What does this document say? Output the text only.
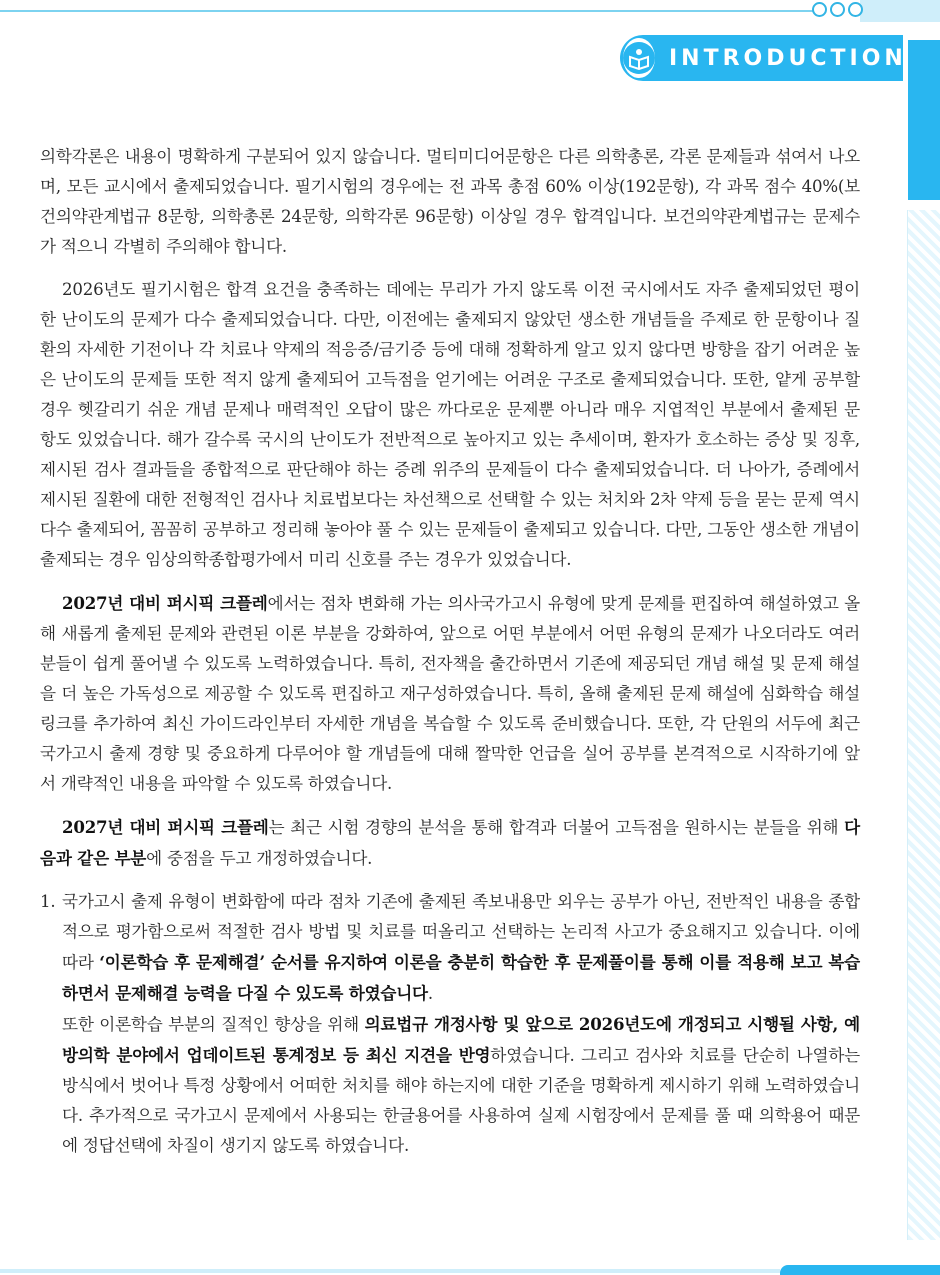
INTRODUCTION

의학각론은 내용이 명확하게 구분되어 있지 않습니다. 멀티미디어문항은 다른 의학총론, 각론 문제들과 섞여서 나오며, 모든 교시에서 출제되었습니다. 필기시험의 경우에는 전 과목 총점 60% 이상(192문항), 각 과목 점수 40%(보건의약관계법규 8문항, 의학총론 24문항, 의학각론 96문항) 이상일 경우 합격입니다. 보건의약관계법규는 문제수가 적으니 각별히 주의해야 합니다.

2026년도 필기시험은 합격 요건을 충족하는 데에는 무리가 가지 않도록 이전 국시에서도 자주 출제되었던 평이한 난이도의 문제가 다수 출제되었습니다. 다만, 이전에는 출제되지 않았던 생소한 개념들을 주제로 한 문항이나 질환의 자세한 기전이나 각 치료나 약제의 적응증/금기증 등에 대해 정확하게 알고 있지 않다면 방향을 잡기 어려운 높은 난이도의 문제들 또한 적지 않게 출제되어 고득점을 얻기에는 어려운 구조로 출제되었습니다. 또한, 얕게 공부할 경우 헷갈리기 쉬운 개념 문제나 매력적인 오답이 많은 까다로운 문제뿐 아니라 매우 지엽적인 부분에서 출제된 문항도 있었습니다. 해가 갈수록 국시의 난이도가 전반적으로 높아지고 있는 추세이며, 환자가 호소하는 증상 및 징후, 제시된 검사 결과들을 종합적으로 판단해야 하는 증례 위주의 문제들이 다수 출제되었습니다. 더 나아가, 증례에서 제시된 질환에 대한 전형적인 검사나 치료법보다는 차선책으로 선택할 수 있는 처치와 2차 약제 등을 묻는 문제 역시 다수 출제되어, 꼼꼼히 공부하고 정리해 놓아야 풀 수 있는 문제들이 출제되고 있습니다. 다만, 그동안 생소한 개념이 출제되는 경우 임상의학종합평가에서 미리 신호를 주는 경우가 있었습니다.

2027년 대비 퍼시픽 크플레에서는 점차 변화해 가는 의사국가고시 유형에 맞게 문제를 편집하여 해설하였고 올해 새롭게 출제된 문제와 관련된 이론 부분을 강화하여, 앞으로 어떤 부분에서 어떤 유형의 문제가 나오더라도 여러분들이 쉽게 풀어낼 수 있도록 노력하였습니다. 특히, 전자책을 출간하면서 기존에 제공되던 개념 해설 및 문제 해설을 더 높은 가독성으로 제공할 수 있도록 편집하고 재구성하였습니다. 특히, 올해 출제된 문제 해설에 심화학습 해설 링크를 추가하여 최신 가이드라인부터 자세한 개념을 복습할 수 있도록 준비했습니다. 또한, 각 단원의 서두에 최근 국가고시 출제 경향 및 중요하게 다루어야 할 개념들에 대해 짤막한 언급을 실어 공부를 본격적으로 시작하기에 앞서 개략적인 내용을 파악할 수 있도록 하였습니다.

2027년 대비 퍼시픽 크플레는 최근 시험 경향의 분석을 통해 합격과 더불어 고득점을 원하시는 분들을 위해 다음과 같은 부분에 중점을 두고 개정하였습니다.

1. 국가고시 출제 유형이 변화함에 따라 점차 기존에 출제된 족보내용만 외우는 공부가 아닌, 전반적인 내용을 종합적으로 평가함으로써 적절한 검사 방법 및 치료를 떠올리고 선택하는 논리적 사고가 중요해지고 있습니다. 이에 따라 ‘이론학습 후 문제해결’ 순서를 유지하여 이론을 충분히 학습한 후 문제풀이를 통해 이를 적용해 보고 복습하면서 문제해결 능력을 다질 수 있도록 하였습니다.

또한 이론학습 부분의 질적인 향상을 위해 의료법규 개정사항 및 앞으로 2026년도에 개정되고 시행될 사항, 예방의학 분야에서 업데이트된 통계정보 등 최신 지견을 반영하였습니다. 그리고 검사와 치료를 단순히 나열하는 방식에서 벗어나 특정 상황에서 어떠한 처치를 해야 하는지에 대한 기준을 명확하게 제시하기 위해 노력하였습니다. 추가적으로 국가고시 문제에서 사용되는 한글용어를 사용하여 실제 시험장에서 문제를 풀 때 의학용어 때문에 정답선택에 차질이 생기지 않도록 하였습니다.
